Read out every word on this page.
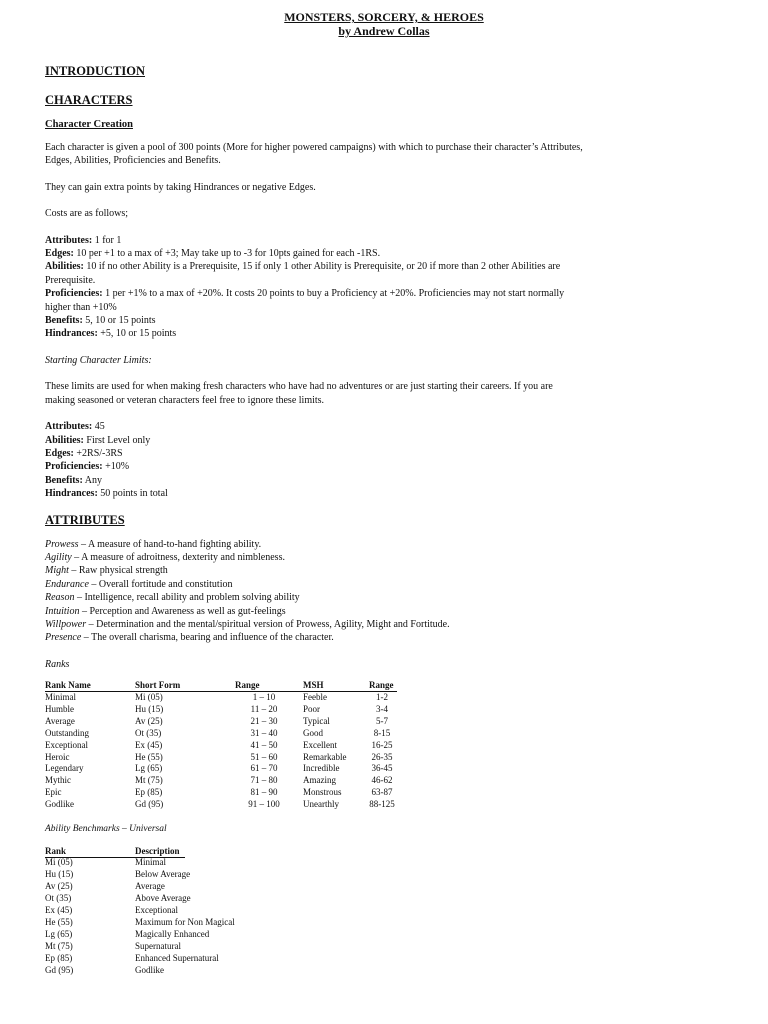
MONSTERS, SORCERY, & HEROES
by Andrew Collas
INTRODUCTION
CHARACTERS
Character Creation

Each character is given a pool of 300 points (More for higher powered campaigns) with which to purchase their character’s Attributes,
Edges, Abilities, Proficiencies and Benefits.

They can gain extra points by taking Hindrances or negative Edges.

Costs are as follows;

Attributes: 1 for 1

Edges: 10 per +1 to a max of +3; May take up to -3 for 10pts gained for each -1RS.

Abilities: 10 if no other Ability is a Prerequisite, 15 if only 1 other Ability is Prerequisite, or 20 if more than 2 other Abilities are

Prerequisite.

Proficiencies: 1 per +1% to a max of +20%. It costs 20 points to buy a Proficiency at +20%. Proficiencies may not start normally

higher than +10%

Benefits: 5, 10 or 15 points

Hindrances: +5, 10 or 15 points

Starting Character Limits:

These limits are used for when making fresh characters who have had no adventures or are just starting their careers. If you are
making seasoned or veteran characters feel free to ignore these limits.

Attributes: 45

Abilities: First Level only

Edges: +2RS/-3RS

Proficiencies: +10%

Benefits: Any

Hindrances: 50 points in total

ATTRIBUTES

Prowess – A measure of hand-to-hand fighting ability.

Agility – A measure of adroitness, dexterity and nimbleness.

Might – Raw physical strength

Endurance – Overall fortitude and constitution

Reason – Intelligence, recall ability and problem solving ability

Intuition – Perception and Awareness as well as gut-feelings

Willpower – Determination and the mental/spiritual version of Prowess, Agility, Might and Fortitude.

Presence – The overall charisma, bearing and influence of the character.

Ranks

Rank Name	Short Form	Range	MSH	Range
Minimal	Mi (05)	1 – 10	Feeble	1-2
Humble	Hu (15)	11 – 20	Poor	3-4
Average	Av (25)	21 – 30	Typical	5-7
Outstanding	Ot (35)	31 – 40	Good	8-15
Exceptional	Ex (45)	41 – 50	Excellent	16-25
Heroic	He (55)	51 – 60	Remarkable	26-35
Legendary	Lg (65)	61 – 70	Incredible	36-45
Mythic	Mt (75)	71 – 80	Amazing	46-62
Epic	Ep (85)	81 – 90	Monstrous	63-87
Godlike	Gd (95)	91 – 100	Unearthly	88-125

Ability Benchmarks – Universal

Rank	Description
Mi (05)	Minimal
Hu (15)	Below Average
Av (25)	Average
Ot (35)	Above Average
Ex (45)	Exceptional
He (55)	Maximum for Non Magical
Lg (65)	Magically Enhanced
Mt (75)	Supernatural
Ep (85)	Enhanced Supernatural
Gd (95)	Godlike
